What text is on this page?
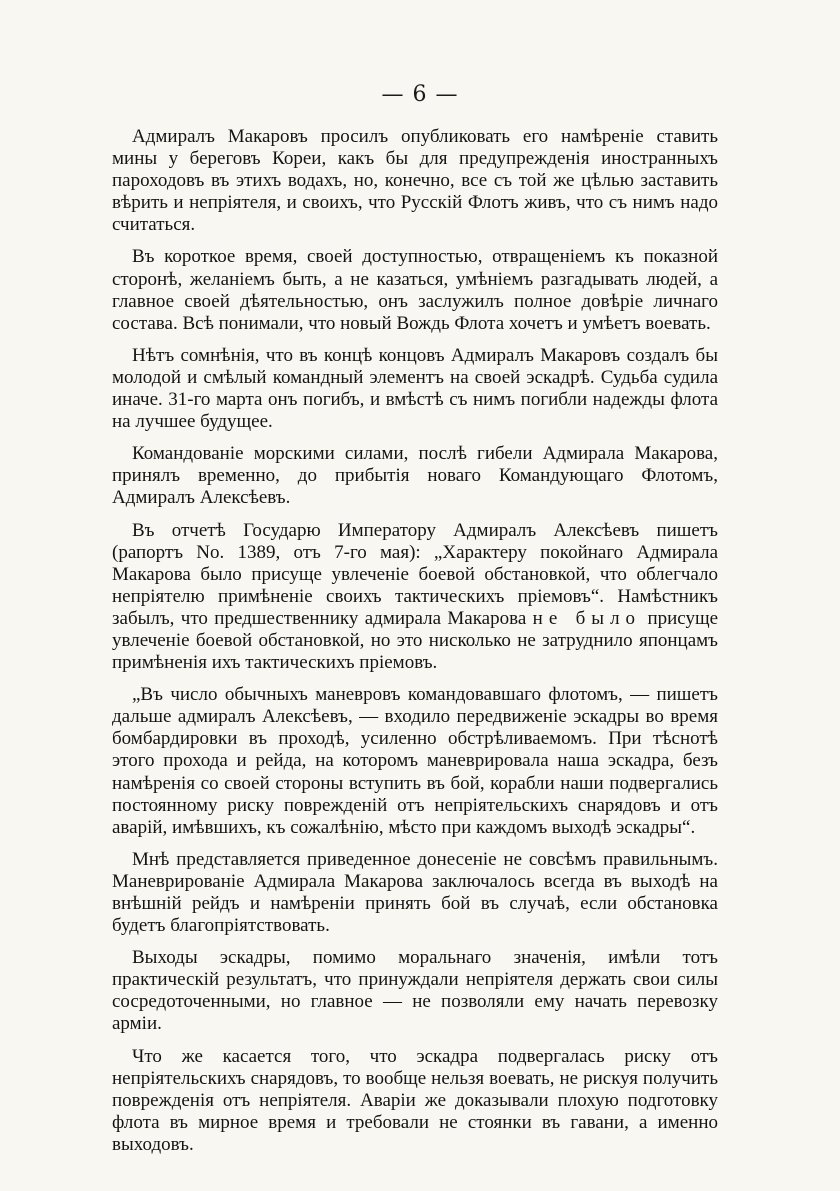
— 6 —

Адмиралъ Макаровъ просилъ опубликовать его намѣреніе ставить мины у береговъ Кореи, какъ бы для предупрежденія иностранныхъ пароходовъ въ этихъ водахъ, но, конечно, все съ той же цѣлью заставить вѣрить и непріятеля, и своихъ, что Русскій Флотъ живъ, что съ нимъ надо считаться.

Въ короткое время, своей доступностью, отвращеніемъ къ показной сторонѣ, желаніемъ быть, а не казаться, умѣніемъ разгадывать людей, а главное своей дѣятельностью, онъ заслужилъ полное довѣріе личнаго состава. Всѣ понимали, что новый Вождь Флота хочетъ и умѣетъ воевать.

Нѣтъ сомнѣнія, что въ концѣ концовъ Адмиралъ Макаровъ создалъ бы молодой и смѣлый командный элементъ на своей эскадрѣ. Судьба судила иначе. 31-го марта онъ погибъ, и вмѣстѣ съ нимъ погибли надежды флота на лучшее будущее.

Командованіе морскими силами, послѣ гибели Адмирала Макарова, принялъ временно, до прибытія новаго Командующаго Флотомъ, Адмиралъ Алексѣевъ.

Въ отчетѣ Государю Императору Адмиралъ Алексѣевъ пишетъ (рапортъ No. 1389, отъ 7-го мая): „Характеру покойнаго Адмирала Макарова было присуще увлеченіе боевой обстановкой, что облегчало непріятелю примѣненіе своихъ тактическихъ пріемовъ“. Намѣстникъ забылъ, что предшественнику адмирала Макарова не было присуще увлеченіе боевой обстановкой, но это нисколько не затруднило японцамъ примѣненія ихъ тактическихъ пріемовъ.

„Въ число обычныхъ маневровъ командовавшаго флотомъ, — пишетъ дальше адмиралъ Алексѣевъ, — входило передвиженіе эскадры во время бомбардировки въ проходѣ, усиленно обстрѣливаемомъ. При тѣснотѣ этого прохода и рейда, на которомъ маневрировала наша эскадра, безъ намѣренія со своей стороны вступить въ бой, корабли наши подвергались постоянному риску поврежденій отъ непріятельскихъ снарядовъ и отъ аварій, имѣвшихъ, къ сожалѣнію, мѣсто при каждомъ выходѣ эскадры“.

Мнѣ представляется приведенное донесеніе не совсѣмъ правильнымъ. Маневрированіе Адмирала Макарова заключалось всегда въ выходѣ на внѣшній рейдъ и намѣреніи принять бой въ случаѣ, если обстановка будетъ благопріятствовать.

Выходы эскадры, помимо моральнаго значенія, имѣли тотъ практическій результатъ, что принуждали непріятеля держать свои силы сосредоточенными, но главное — не позволяли ему начать перевозку арміи.

Что же касается того, что эскадра подвергалась риску отъ непріятельскихъ снарядовъ, то вообще нельзя воевать, не рискуя получить поврежденія отъ непріятеля. Аваріи же доказывали плохую подготовку флота въ мирное время и требовали не стоянки въ гавани, а именно выходовъ.
